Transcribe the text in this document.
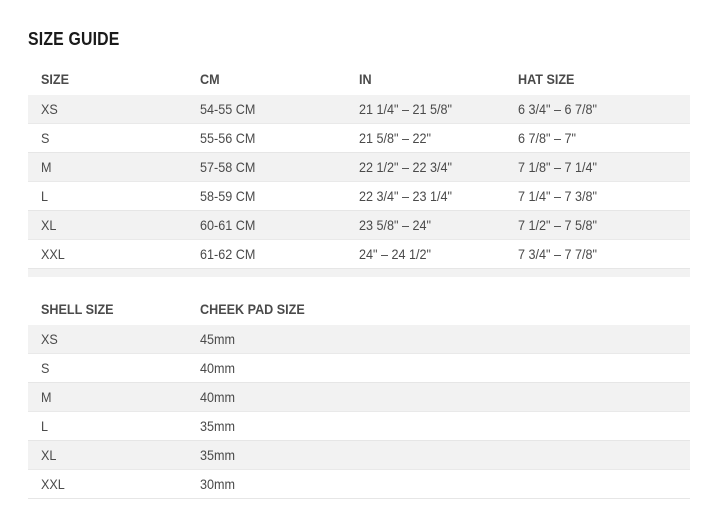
SIZE GUIDE
SIZE	CM	IN	HAT SIZE
XS	54-55 CM	21 1/4" – 21 5/8"	6 3/4" – 6 7/8"
S	55-56 CM	21 5/8" – 22"	6 7/8" – 7"
M	57-58 CM	22 1/2" – 22 3/4"	7 1/8" – 7 1/4"
L	58-59 CM	22 3/4" – 23 1/4"	7 1/4" – 7 3/8"
XL	60-61 CM	23 5/8" – 24"	7 1/2" – 7 5/8"
XXL	61-62 CM	24" – 24 1/2"	7 3/4" – 7 7/8"

SHELL SIZE	CHEEK PAD SIZE
XS	45mm
S	40mm
M	40mm
L	35mm
XL	35mm
XXL	30mm
